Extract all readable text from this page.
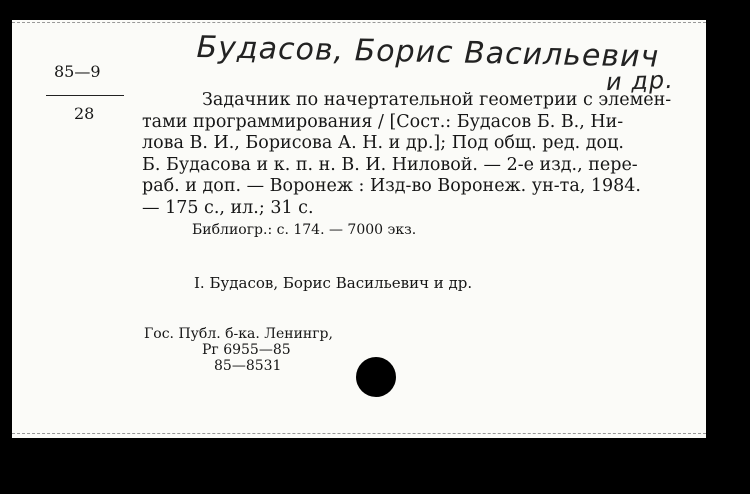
Будасов, Борис Васильевич
и др.
85—9
28
Задачник по начертательной геометрии с элемен-
тами программирования / [Сост.: Будасов Б. В., Ни-
лова В. И., Борисова А. Н. и др.]; Под общ. ред. доц.
Б. Будасова и к. п. н. В. И. Ниловой. — 2-е изд., пере-
раб. и доп. — Воронеж : Изд-во Воронеж. ун-та, 1984.
— 175 с., ил.; 31 с.
Библиогр.: с. 174. — 7000 экз.
I. Будасов, Борис Васильевич и др.
Гос. Публ. б-ка. Ленингр,
Рг 6955—85
85—8531
